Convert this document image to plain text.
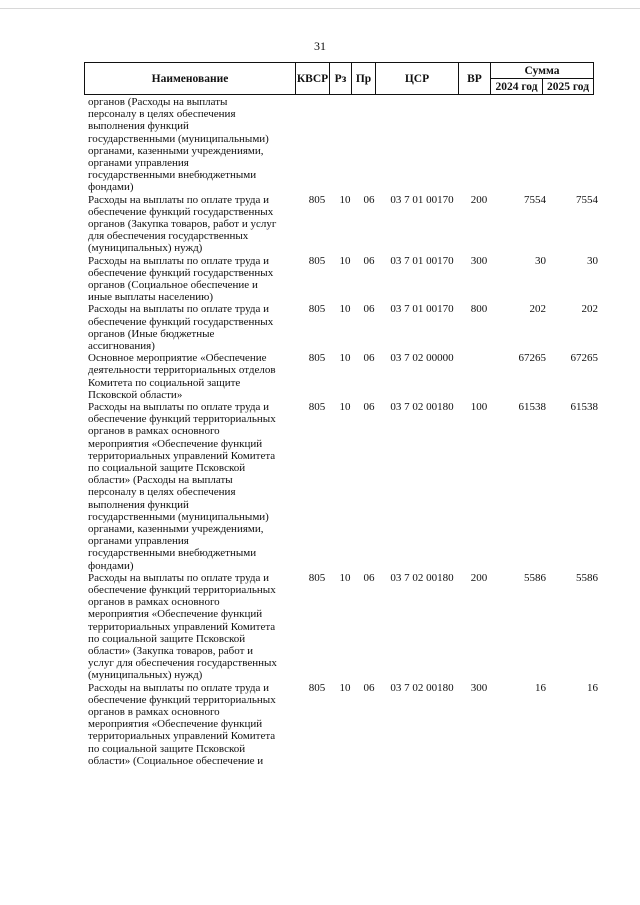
31
Наименование	КВСР	Рз	Пр	ЦСР	ВР	Сумма	
						2024 год	2025 год
органов (Расходы на выплаты
персоналу в целях обеспечения
выполнения функций
государственными (муниципальными)
органами, казенными учреждениями,
органами управления
государственными внебюджетными
фондами)
Расходы на выплаты по оплате труда и
обеспечение функций государственных
органов (Закупка товаров, работ и услуг
для обеспечения государственных
(муниципальных) нужд)
805	10	06	03 7 01 00170	200	7554	7554
Расходы на выплаты по оплате труда и
обеспечение функций государственных
органов (Социальное обеспечение и
иные выплаты населению)
805	10	06	03 7 01 00170	300	30	30
Расходы на выплаты по оплате труда и
обеспечение функций государственных
органов (Иные бюджетные
ассигнования)
805	10	06	03 7 01 00170	800	202	202
Основное мероприятие «Обеспечение
деятельности территориальных отделов
Комитета по социальной защите
Псковской области»
805	10	06	03 7 02 00000	67265 67265
Расходы на выплаты по оплате труда и
обеспечение функций территориальных
органов в рамках основного
мероприятия «Обеспечение функций
территориальных управлений Комитета
по социальной защите Псковской
области» (Расходы на выплаты
персоналу в целях обеспечения
выполнения функций
государственными (муниципальными)
органами, казенными учреждениями,
органами управления
государственными внебюджетными
фондами)
805	10	06	03 7 02 00180	100	61538 61538
Расходы на выплаты по оплате труда и
обеспечение функций территориальных
органов в рамках основного
мероприятия «Обеспечение функций
территориальных управлений Комитета
по социальной защите Псковской
области» (Закупка товаров, работ и
услуг для обеспечения государственных
(муниципальных) нужд)
805	10	06	03 7 02 00180	200	5586	5586
Расходы на выплаты по оплате труда и
обеспечение функций территориальных
органов в рамках основного
мероприятия «Обеспечение функций
территориальных управлений Комитета
по социальной защите Псковской
области» (Социальное обеспечение и
805	10	06	03 7 02 00180	300	16	16
